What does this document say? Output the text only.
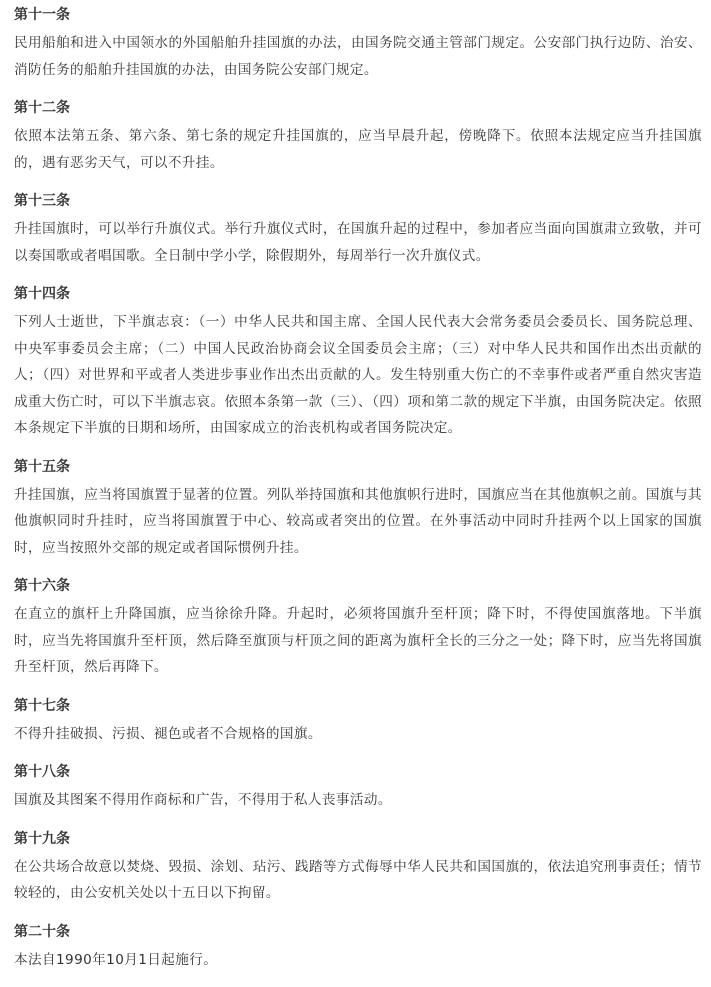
第十一条

民用船舶和进入中国领水的外国船舶升挂国旗的办法，由国务院交通主管部门规定。公安部门执行边防、治安、消防任务的船舶升挂国旗的办法，由国务院公安部门规定。

第十二条

依照本法第五条、第六条、第七条的规定升挂国旗的，应当早晨升起，傍晚降下。依照本法规定应当升挂国旗的，遇有恶劣天气，可以不升挂。

第十三条

升挂国旗时，可以举行升旗仪式。举行升旗仪式时，在国旗升起的过程中，参加者应当面向国旗肃立致敬，并可以奏国歌或者唱国歌。全日制中学小学，除假期外，每周举行一次升旗仪式。

第十四条

下列人士逝世，下半旗志哀：（一）中华人民共和国主席、全国人民代表大会常务委员会委员长、国务院总理、中央军事委员会主席；（二）中国人民政治协商会议全国委员会主席；（三）对中华人民共和国作出杰出贡献的人；（四）对世界和平或者人类进步事业作出杰出贡献的人。发生特别重大伤亡的不幸事件或者严重自然灾害造成重大伤亡时，可以下半旗志哀。依照本条第一款（三）、（四）项和第二款的规定下半旗，由国务院决定。依照本条规定下半旗的日期和场所，由国家成立的治丧机构或者国务院决定。

第十五条

升挂国旗，应当将国旗置于显著的位置。列队举持国旗和其他旗帜行进时，国旗应当在其他旗帜之前。国旗与其他旗帜同时升挂时，应当将国旗置于中心、较高或者突出的位置。在外事活动中同时升挂两个以上国家的国旗时，应当按照外交部的规定或者国际惯例升挂。

第十六条

在直立的旗杆上升降国旗，应当徐徐升降。升起时，必须将国旗升至杆顶；降下时，不得使国旗落地。下半旗时，应当先将国旗升至杆顶，然后降至旗顶与杆顶之间的距离为旗杆全长的三分之一处；降下时，应当先将国旗升至杆顶，然后再降下。

第十七条

不得升挂破损、污损、褪色或者不合规格的国旗。

第十八条

国旗及其图案不得用作商标和广告，不得用于私人丧事活动。

第十九条

在公共场合故意以焚烧、毁损、涂划、玷污、践踏等方式侮辱中华人民共和国国旗的，依法追究刑事责任；情节较轻的，由公安机关处以十五日以下拘留。

第二十条

本法自1990年10月1日起施行。
